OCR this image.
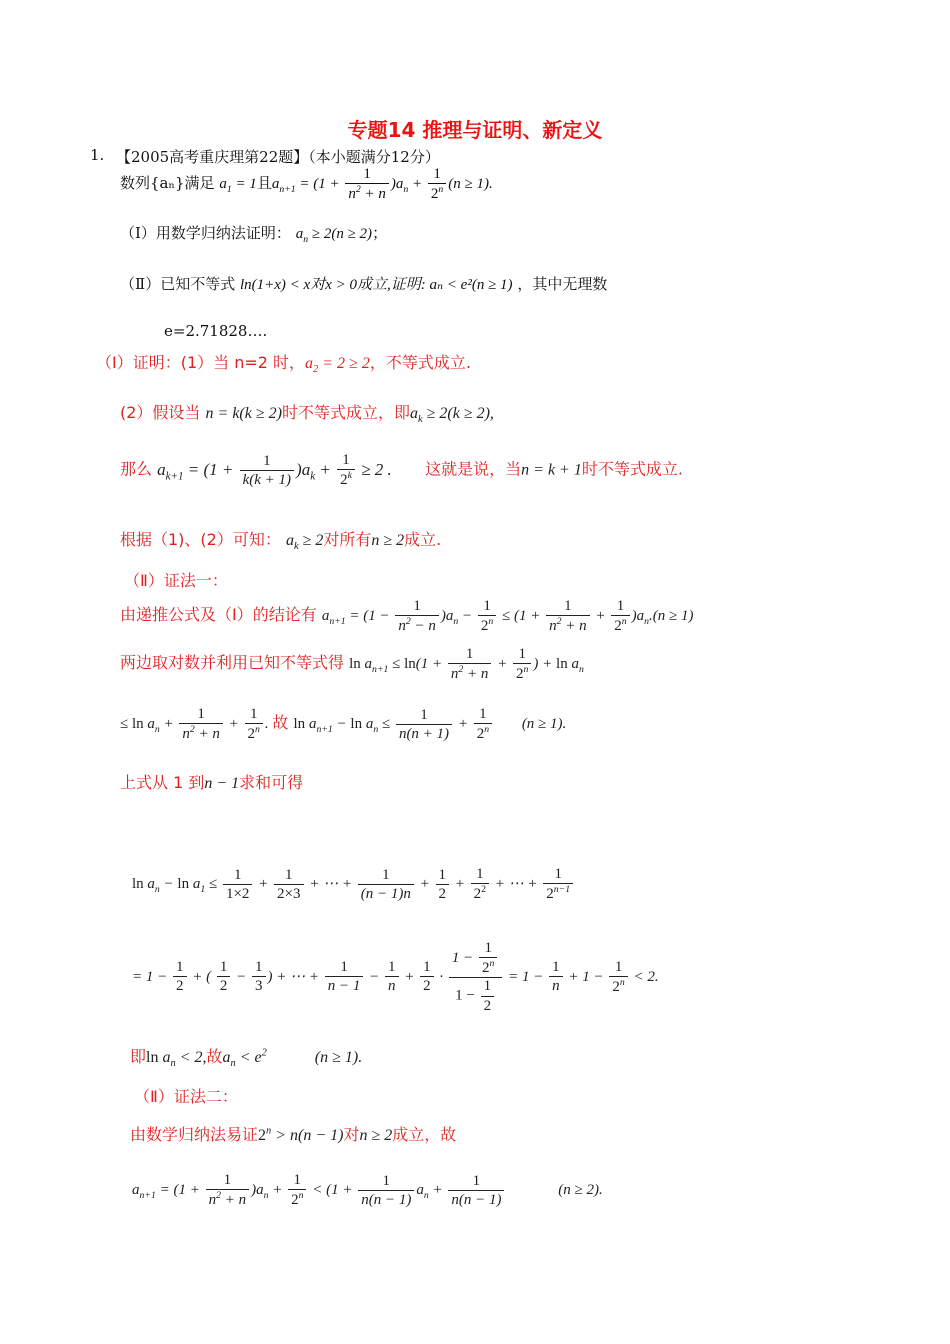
专题14 推理与证明、新定义
1. 【2005高考重庆理第22题】（本小题满分12分）
数列{aₙ}满足 $a_1 = 1$且$a_{n+1} = (1 + \frac{1}{n^2 + n} )a_n + \frac{1}{2^n} (n \ge 1)$.
（Ⅰ）用数学归纳法证明： $a_n \ge 2(n \ge 2)$；
（Ⅱ）已知不等式 ln(1+x) < x对x > 0成立,证明: aₙ < e²(n ≥ 1) ，其中无理数
e=2.71828….
（Ⅰ）证明：(1）当 n=2 时，$a_2 = 2 \ge 2$，不等式成立.
(2）假设当 n = k(k ≥ 2)时不等式成立，即$a_k \ge 2(k \ge 2)$,
那么 $a_{k+1} = (1 + \frac{1}{k(k + 1)} )a_k + \frac{1}{2^k} \ge 2$ .  这就是说，当n = k + 1时不等式成立.
根据（1)、(2）可知： $a_k \ge 2$对所有n ≥ 2成立.
（Ⅱ）证法一：
由递推公式及（Ⅰ）的结论有 $a_{n+1} = (1 - \frac{1}{n^2 - n} )a_n - \frac{1}{2^n} \le (1 + \frac{1}{n^2 + n} + \frac{1}{2^n} )a_n.(n \ge 1)$
两边取对数并利用已知不等式得 $\ln a_{n+1} \le \ln(1 + \frac{1}{n^2 + n} + \frac{1}{2^n}$ ) + $\ln a_n$
≤ $\ln a_n + \frac{1}{n^2 + n} + \frac{1}{2^n}$ . 故 $\ln a_{n+1} - \ln a_n \le \frac{1}{n(n + 1)} + \frac{1}{2^n} (n \ge 1)$.
上式从 1 到n − 1求和可得
$\ln a_n - \ln a_1 \le \frac{1}{1\times 2} + \frac{1}{2\times 3}$ + ⋯ + $\frac{1}{(n - 1)n} + \frac{1}{2} + \frac{1}{2^2}$ + ⋯ + $\frac{1}{2^{n-1}}$
= $1 - \frac{1}{2}$ + ( $\frac{1}{2} - \frac{1}{3}$ ) + ⋯ + $\frac{1}{n - 1} - \frac{1}{n} + \frac{1}{2} \cdot \frac{1 - \frac{1}{2^n}}{1 - \frac{1}{2}} = 1 - \frac{1}{n} + 1 - \frac{1}{2^n} < 2$.
即$\ln a_n < 2$,故$a_n < e^2$	(n ≥ 1).
（Ⅱ）证法二：
由数学归纳法易证$2^n > n(n - 1)$对n ≥ 2成立，故
$a_{n+1} = (1 + \frac{1}{n^2 + n} )a_n + \frac{1}{2^n} < (1 + \frac{1}{n(n - 1)} a_n + \frac{1}{n(n - 1)}$	(n ≥ 2).
